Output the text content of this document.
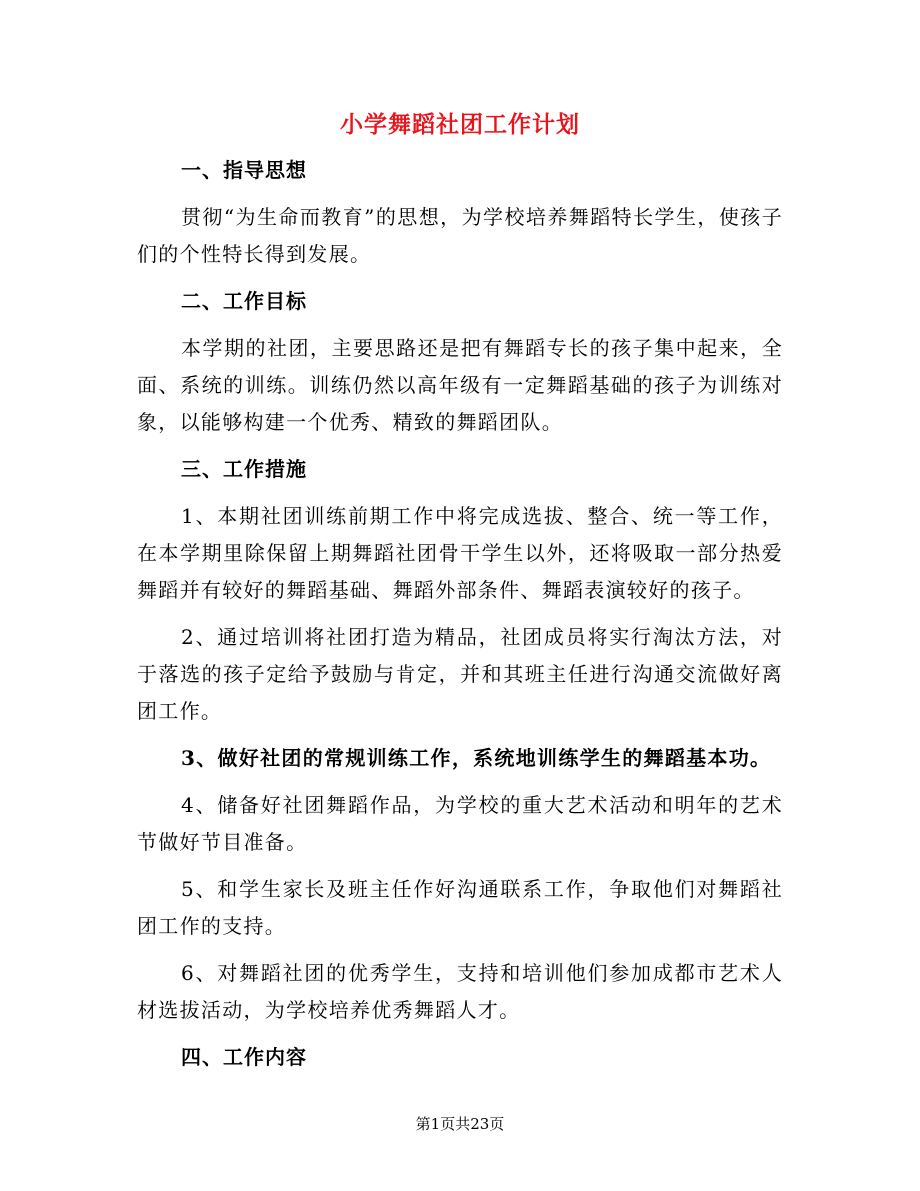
小学舞蹈社团工作计划
一、指导思想

贯彻“为生命而教育”的思想，为学校培养舞蹈特长学生，使孩子们的个性特长得到发展。

二、工作目标

本学期的社团，主要思路还是把有舞蹈专长的孩子集中起来，全面、系统的训练。训练仍然以高年级有一定舞蹈基础的孩子为训练对象，以能够构建一个优秀、精致的舞蹈团队。

三、工作措施

1、本期社团训练前期工作中将完成选拔、整合、统一等工作，在本学期里除保留上期舞蹈社团骨干学生以外，还将吸取一部分热爱舞蹈并有较好的舞蹈基础、舞蹈外部条件、舞蹈表演较好的孩子。

2、通过培训将社团打造为精品，社团成员将实行淘汰方法，对于落选的孩子定给予鼓励与肯定，并和其班主任进行沟通交流做好离团工作。

3、做好社团的常规训练工作，系统地训练学生的舞蹈基本功。

4、储备好社团舞蹈作品，为学校的重大艺术活动和明年的艺术节做好节目准备。

5、和学生家长及班主任作好沟通联系工作，争取他们对舞蹈社团工作的支持。

6、对舞蹈社团的优秀学生，支持和培训他们参加成都市艺术人材选拔活动，为学校培养优秀舞蹈人才。

四、工作内容
第1页共23页
